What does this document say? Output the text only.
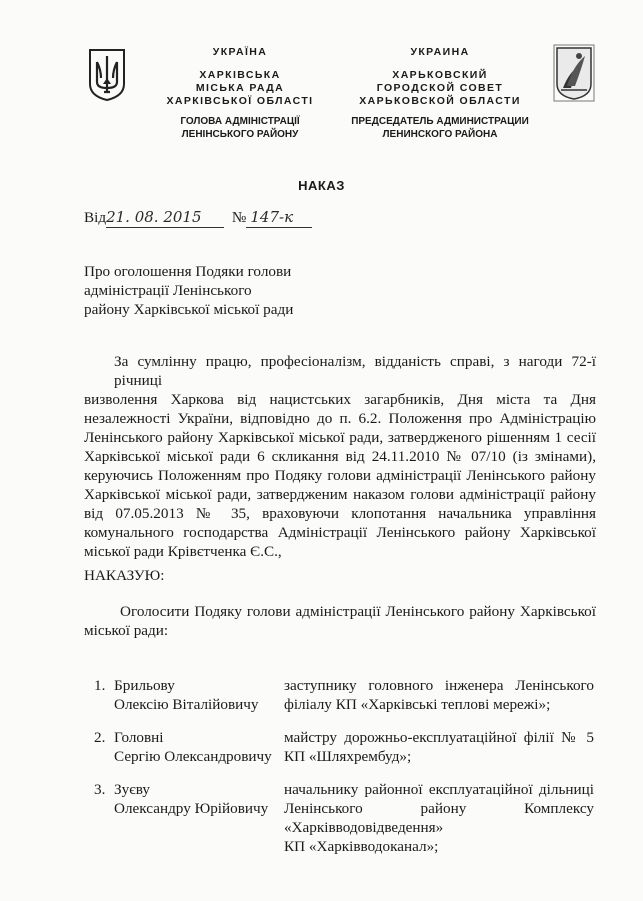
УКРАЇНА
ХАРКІВСЬКА
МІСЬКА РАДА
ХАРКІВСЬКОЇ ОБЛАСТІ
ГОЛОВА АДМІНІСТРАЦІЇ
ЛЕНІНСЬКОГО РАЙОНУ
УКРАИНА
ХАРЬКОВСКИЙ
ГОРОДСКОЙ СОВЕТ
ХАРЬКОВСКОЙ ОБЛАСТИ
ПРЕДСЕДАТЕЛЬ АДМИНИСТРАЦИИ
ЛЕНИНСКОГО РАЙОНА
НАКАЗ
Від21. 08. 2015 № 147-к
Про оголошення Подяки голови
адміністрації Ленінського
району Харківської міської ради
За сумлінну працю, професіоналізм, відданість справі, з нагоди 72-ї річниці
визволення Харкова від нацистських загарбників, Дня міста та Дня
незалежності України, відповідно до п. 6.2. Положення про Адміністрацію
Ленінського району Харківської міської ради, затвердженого рішенням 1 сесії
Харківської міської ради 6 скликання від 24.11.2010 № 07/10 (із змінами),
керуючись Положенням про Подяку голови адміністрації Ленінського району
Харківської міської ради, затвердженим наказом голови адміністрації району
від 07.05.2013 № 35, враховуючи клопотання начальника управління
комунального господарства Адміністрації Ленінського району Харківської
міської ради Крівєтченка Є.С.,
НАКАЗУЮ:
Оголосити Подяку голови адміністрації Ленінського району Харківської
міської ради:
1. Брильову
Олексію Віталійовичу
заступнику головного інженера Ленінського
філіалу КП «Харківські теплові мережі»;
2. Головні
Сергію Олександровичу
майстру дорожньо-експлуатаційної філії № 5
КП «Шляхрембуд»;
3. Зуєву
Олександру Юрійовичу
начальнику районної експлуатаційної дільниці
Ленінського району Комплексу
«Харківводовідведення»
КП «Харківводоканал»;
